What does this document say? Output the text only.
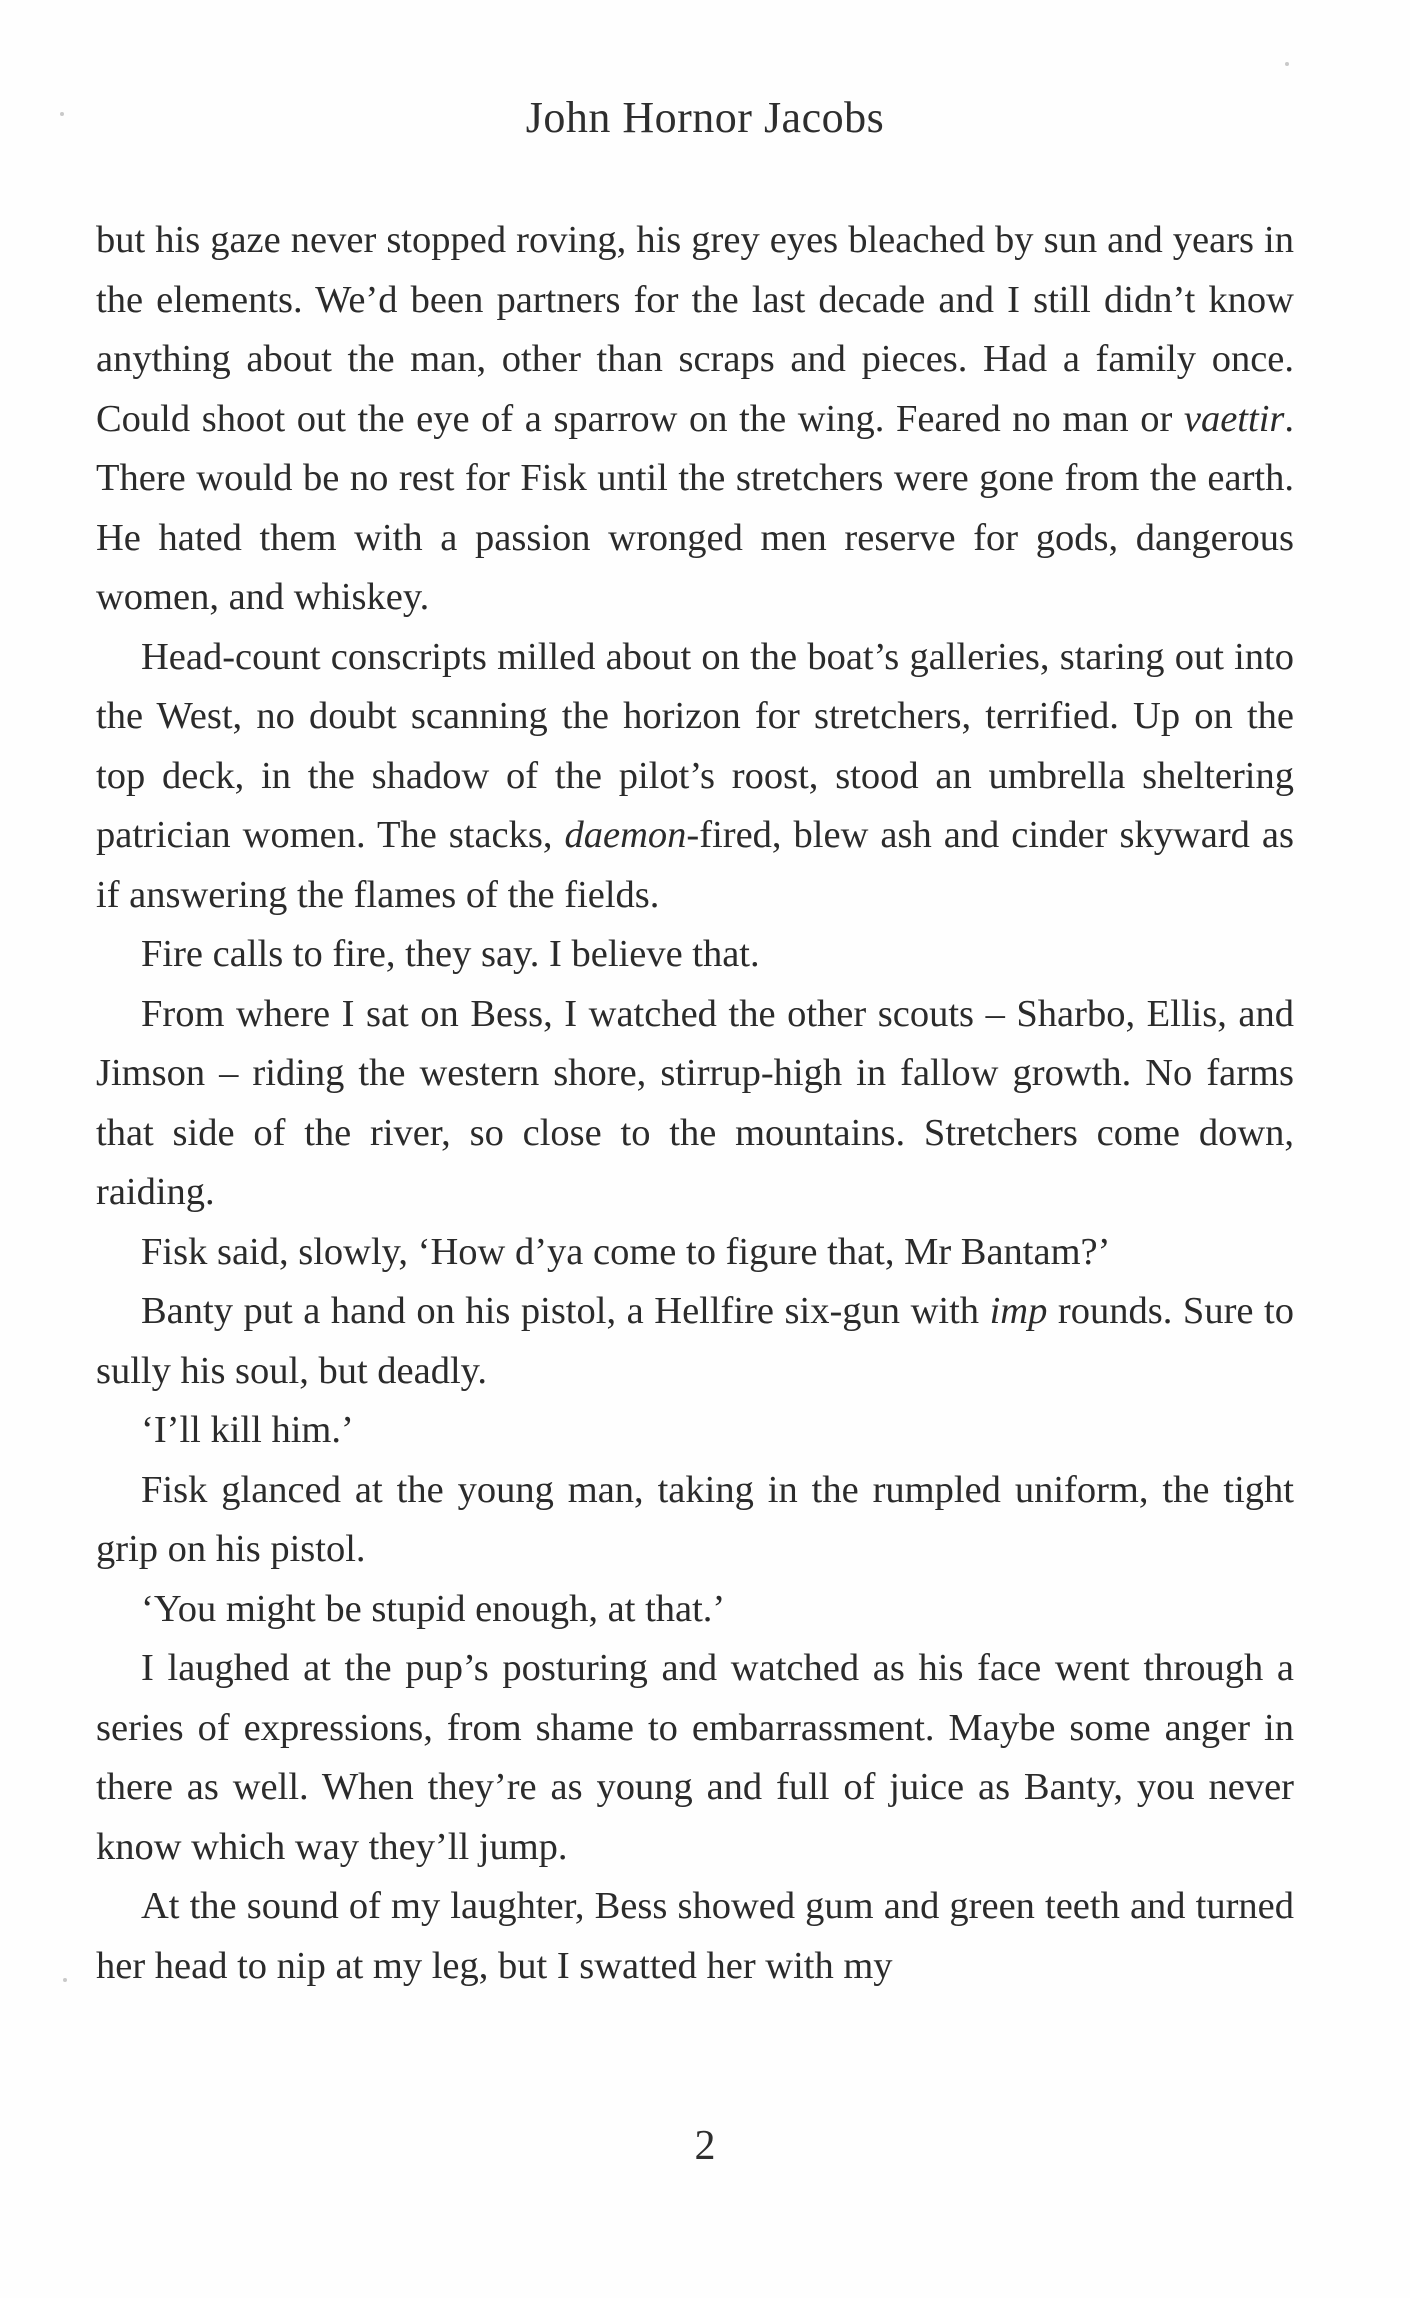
John Hornor Jacobs

but his gaze never stopped roving, his grey eyes bleached by sun and years in the elements. We’d been partners for the last decade and I still didn’t know anything about the man, other than scraps and pieces. Had a family once. Could shoot out the eye of a sparrow on the wing. Feared no man or vaettir. There would be no rest for Fisk until the stretchers were gone from the earth. He hated them with a passion wronged men reserve for gods, dangerous women, and whiskey.

Head-count conscripts milled about on the boat’s galleries, staring out into the West, no doubt scanning the horizon for stretchers, terrified. Up on the top deck, in the shadow of the pilot’s roost, stood an umbrella sheltering patrician women. The stacks, daemon-fired, blew ash and cinder skyward as if answering the flames of the fields.

Fire calls to fire, they say. I believe that.

From where I sat on Bess, I watched the other scouts – Sharbo, Ellis, and Jimson – riding the western shore, stirrup-high in fallow growth. No farms that side of the river, so close to the mountains. Stretchers come down, raiding.

Fisk said, slowly, ‘How d’ya come to figure that, Mr Bantam?’

Banty put a hand on his pistol, a Hellfire six-gun with imp rounds. Sure to sully his soul, but deadly.

‘I’ll kill him.’

Fisk glanced at the young man, taking in the rumpled uniform, the tight grip on his pistol.

‘You might be stupid enough, at that.’

I laughed at the pup’s posturing and watched as his face went through a series of expressions, from shame to embarrassment. Maybe some anger in there as well. When they’re as young and full of juice as Banty, you never know which way they’ll jump.

At the sound of my laughter, Bess showed gum and green teeth and turned her head to nip at my leg, but I swatted her with my

2
